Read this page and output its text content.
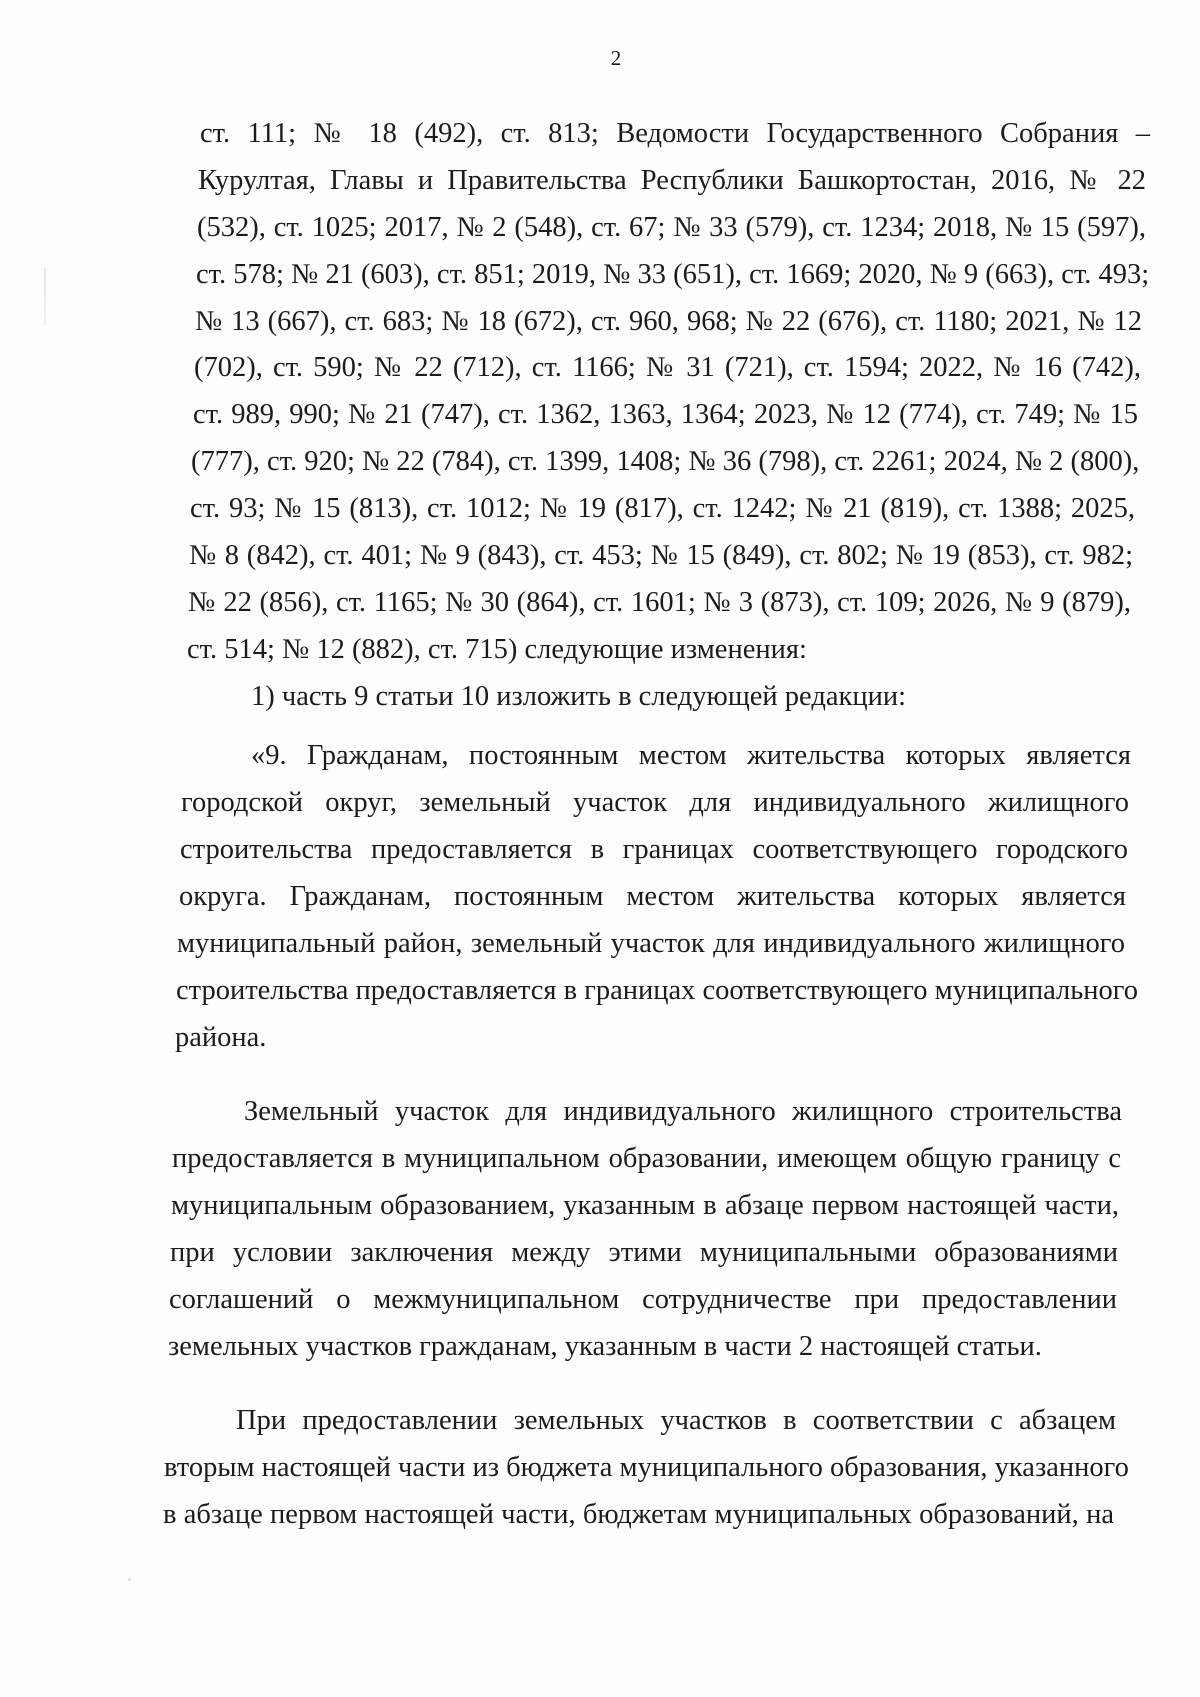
2
ст. 111; № 18 (492), ст. 813; Ведомости Государственного Собрания –
Курултая, Главы и Правительства Республики Башкортостан, 2016, № 22
(532), ст. 1025; 2017, № 2 (548), ст. 67; № 33 (579), ст. 1234; 2018, № 15 (597),
ст. 578; № 21 (603), ст. 851; 2019, № 33 (651), ст. 1669; 2020, № 9 (663), ст. 493;
№ 13 (667), ст. 683; № 18 (672), ст. 960, 968; № 22 (676), ст. 1180; 2021, № 12
(702), ст. 590; № 22 (712), ст. 1166; № 31 (721), ст. 1594; 2022, № 16 (742),
ст. 989, 990; № 21 (747), ст. 1362, 1363, 1364; 2023, № 12 (774), ст. 749; № 15
(777), ст. 920; № 22 (784), ст. 1399, 1408; № 36 (798), ст. 2261; 2024, № 2 (800),
ст. 93; № 15 (813), ст. 1012; № 19 (817), ст. 1242; № 21 (819), ст. 1388; 2025,
№ 8 (842), ст. 401; № 9 (843), ст. 453; № 15 (849), ст. 802; № 19 (853), ст. 982;
№ 22 (856), ст. 1165; № 30 (864), ст. 1601; № 3 (873), ст. 109; 2026, № 9 (879),
ст. 514; № 12 (882), ст. 715) следующие изменения:
1) часть 9 статьи 10 изложить в следующей редакции:
«9. Гражданам, постоянным местом жительства которых является
городской округ, земельный участок для индивидуального жилищного
строительства предоставляется в границах соответствующего городского
округа. Гражданам, постоянным местом жительства которых является
муниципальный район, земельный участок для индивидуального жилищного
строительства предоставляется в границах соответствующего муниципального
района.
Земельный участок для индивидуального жилищного строительства
предоставляется в муниципальном образовании, имеющем общую границу с
муниципальным образованием, указанным в абзаце первом настоящей части,
при условии заключения между этими муниципальными образованиями
соглашений о межмуниципальном сотрудничестве при предоставлении
земельных участков гражданам, указанным в части 2 настоящей статьи.
При предоставлении земельных участков в соответствии с абзацем
вторым настоящей части из бюджета муниципального образования, указанного
в абзаце первом настоящей части, бюджетам муниципальных образований, на
